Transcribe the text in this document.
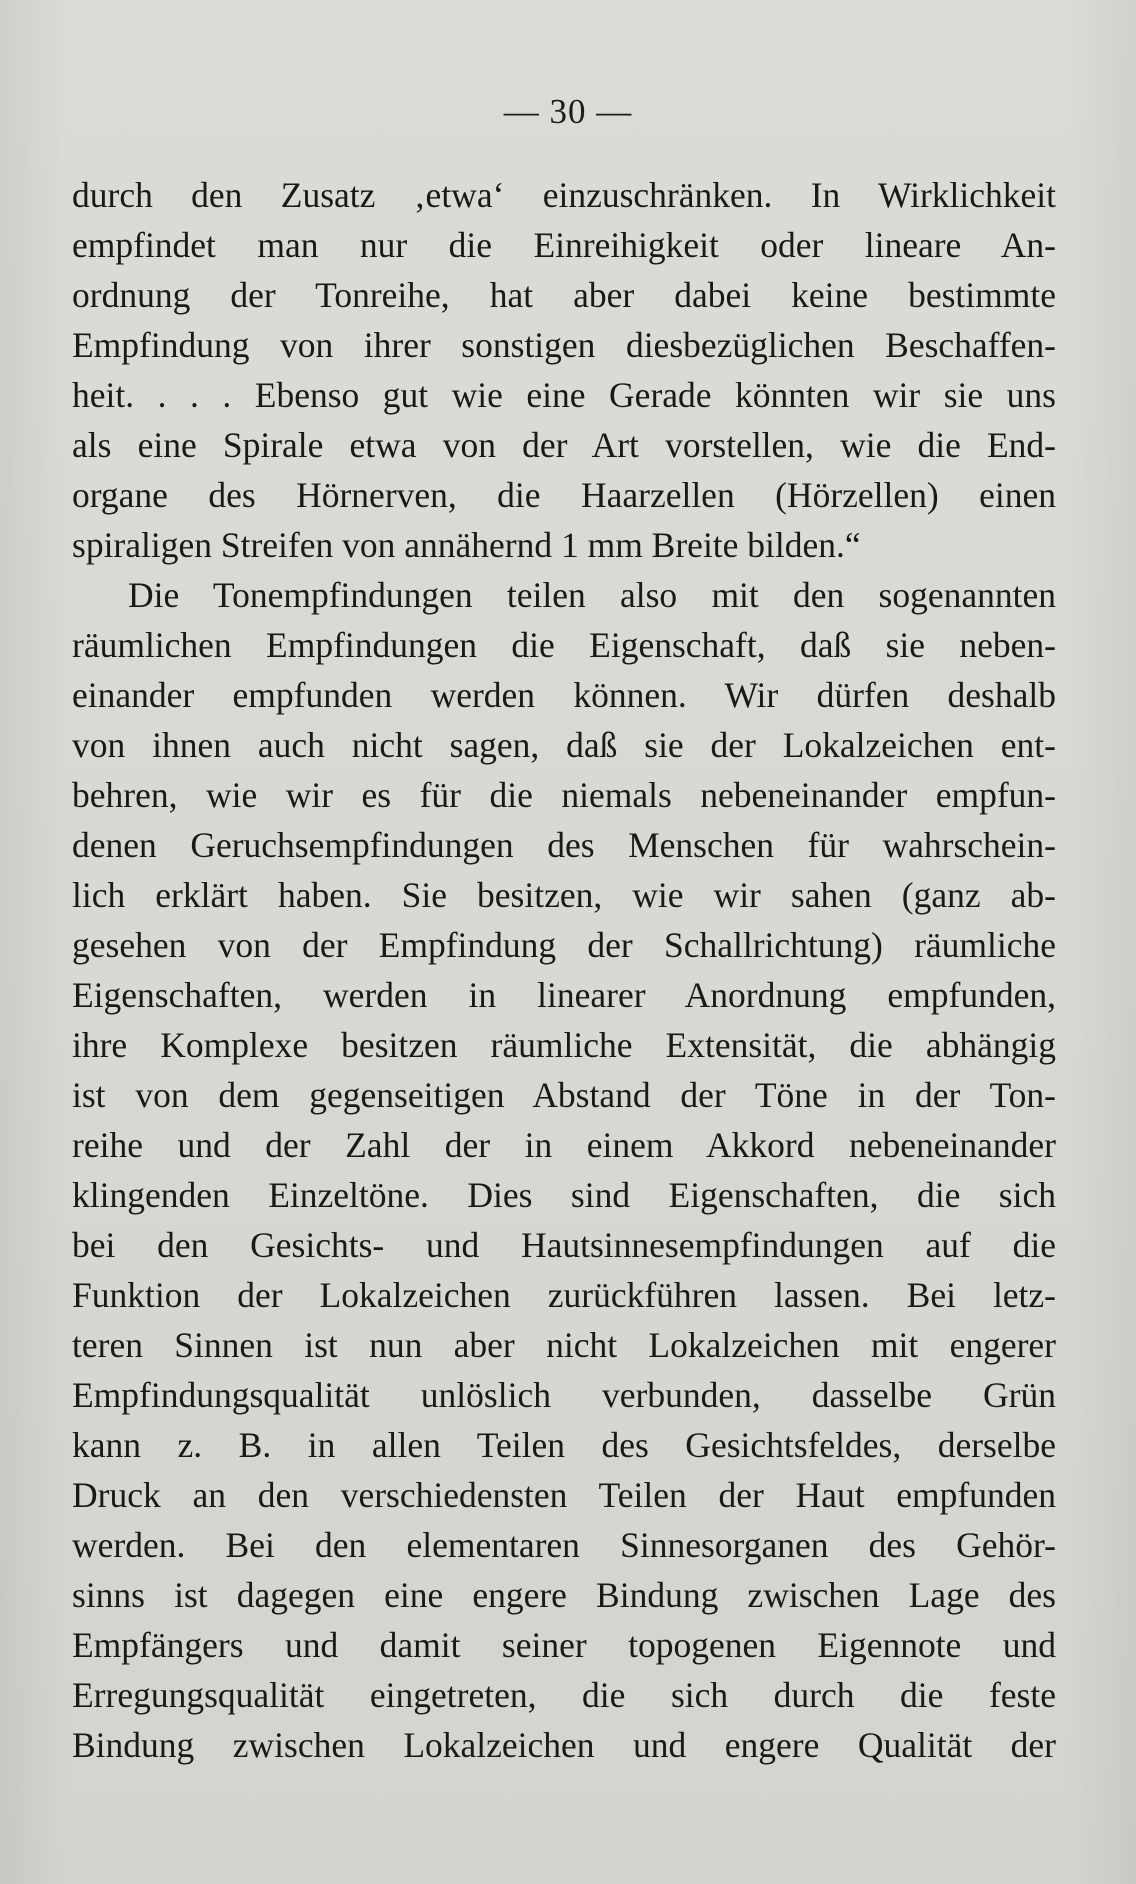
— 30 —
durch den Zusatz ‚etwa‘ einzuschränken. In Wirklichkeit
empfindet man nur die Einreihigkeit oder lineare An-
ordnung der Tonreihe, hat aber dabei keine bestimmte
Empfindung von ihrer sonstigen diesbezüglichen Beschaffen-
heit. . . . Ebenso gut wie eine Gerade könnten wir sie uns
als eine Spirale etwa von der Art vorstellen, wie die End-
organe des Hörnerven, die Haarzellen (Hörzellen) einen
spiraligen Streifen von annähernd 1 mm Breite bilden.“
Die Tonempfindungen teilen also mit den sogenannten
räumlichen Empfindungen die Eigenschaft, daß sie neben-
einander empfunden werden können. Wir dürfen deshalb
von ihnen auch nicht sagen, daß sie der Lokalzeichen ent-
behren, wie wir es für die niemals nebeneinander empfun-
denen Geruchsempfindungen des Menschen für wahrschein-
lich erklärt haben. Sie besitzen, wie wir sahen (ganz ab-
gesehen von der Empfindung der Schallrichtung) räumliche
Eigenschaften, werden in linearer Anordnung empfunden,
ihre Komplexe besitzen räumliche Extensität, die abhängig
ist von dem gegenseitigen Abstand der Töne in der Ton-
reihe und der Zahl der in einem Akkord nebeneinander
klingenden Einzeltöne. Dies sind Eigenschaften, die sich
bei den Gesichts- und Hautsinnesempfindungen auf die
Funktion der Lokalzeichen zurückführen lassen. Bei letz-
teren Sinnen ist nun aber nicht Lokalzeichen mit engerer
Empfindungsqualität unlöslich verbunden, dasselbe Grün
kann z. B. in allen Teilen des Gesichtsfeldes, derselbe
Druck an den verschiedensten Teilen der Haut empfunden
werden. Bei den elementaren Sinnesorganen des Gehör-
sinns ist dagegen eine engere Bindung zwischen Lage des
Empfängers und damit seiner topogenen Eigennote und
Erregungsqualität eingetreten, die sich durch die feste
Bindung zwischen Lokalzeichen und engere Qualität der
